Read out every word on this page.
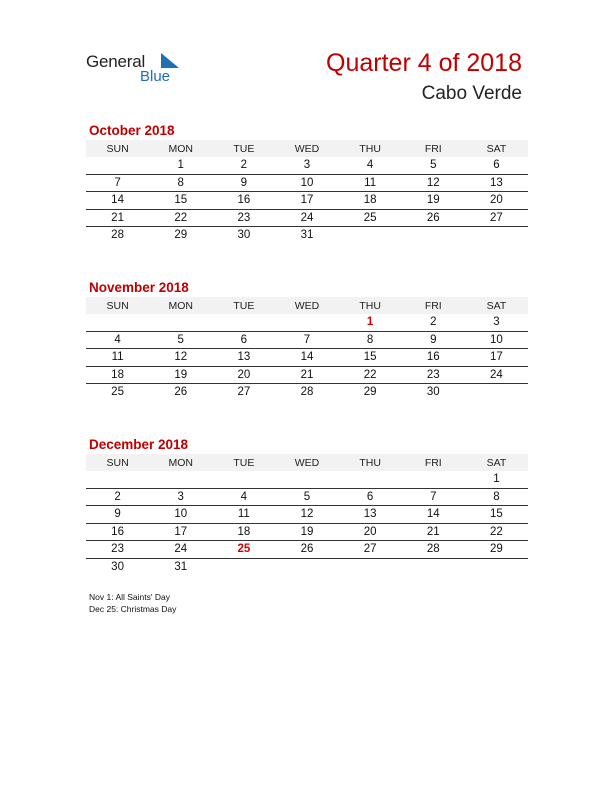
General
Blue	Quarter 4 of 2018
Cabo Verde
October 2018
SUN	MON	TUE	WED	THU	FRI	SAT
	1	2	3	4	5	6
7	8	9	10	11	12	13
14	15	16	17	18	19	20
21	22	23	24	25	26	27
28	29	30	31			
November 2018
SUN	MON	TUE	WED	THU	FRI	SAT
				1	2	3
4	5	6	7	8	9	10
11	12	13	14	15	16	17
18	19	20	21	22	23	24
25	26	27	28	29	30	
December 2018
SUN	MON	TUE	WED	THU	FRI	SAT
						1
2	3	4	5	6	7	8
9	10	11	12	13	14	15
16	17	18	19	20	21	22
23	24	25	26	27	28	29
30	31					
Nov 1: All Saints' Day
Dec 25: Christmas Day
